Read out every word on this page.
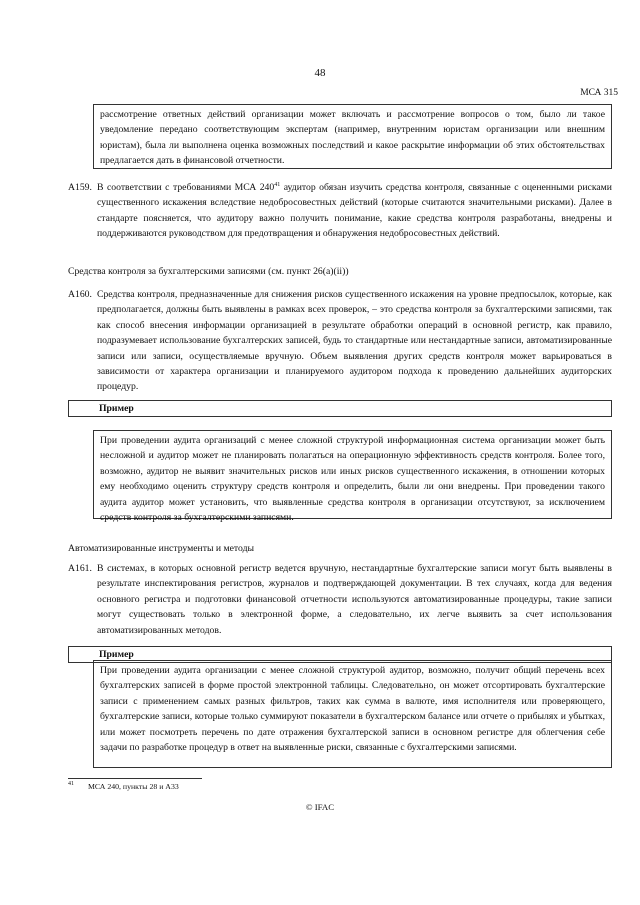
48
МСА 315
рассмотрение ответных действий организации может включать и рассмотрение вопросов о том, было ли такое уведомление передано соответствующим экспертам (например, внутренним юристам организации или внешним юристам), была ли выполнена оценка возможных последствий и какое раскрытие информации об этих обстоятельствах предлагается дать в финансовой отчетности.
A159. В соответствии с требованиями МСА $240^{41}$ аудитор обязан изучить средства контроля, связанные с оцененными рисками существенного искажения вследствие недобросовестных действий (которые считаются значительными рисками). Далее в стандарте поясняется, что аудитору важно получить понимание, какие средства контроля разработаны, внедрены и поддерживаются руководством для предотвращения и обнаружения недобросовестных действий.
Средства контроля за бухгалтерскими записями (см. пункт 26(a)(ii))
A160. Средства контроля, предназначенные для снижения рисков существенного искажения на уровне предпосылок, которые, как предполагается, должны быть выявлены в рамках всех проверок, – это средства контроля за бухгалтерскими записями, так как способ внесения информации организацией в результате обработки операций в основной регистр, как правило, подразумевает использование бухгалтерских записей, будь то стандартные или нестандартные записи, автоматизированные записи или записи, осуществляемые вручную. Объем выявления других средств контроля может варьироваться в зависимости от характера организации и планируемого аудитором подхода к проведению дальнейших аудиторских процедур.
Пример
При проведении аудита организаций с менее сложной структурой информационная система организации может быть несложной и аудитор может не планировать полагаться на операционную эффективность средств контроля. Более того, возможно, аудитор не выявит значительных рисков или иных рисков существенного искажения, в отношении которых ему необходимо оценить структуру средств контроля и определить, были ли они внедрены. При проведении такого аудита аудитор может установить, что выявленные средства контроля в организации отсутствуют, за исключением средств контроля за бухгалтерскими записями.
Автоматизированные инструменты и методы
A161. В системах, в которых основной регистр ведется вручную, нестандартные бухгалтерские записи могут быть выявлены в результате инспектирования регистров, журналов и подтверждающей документации. В тех случаях, когда для ведения основного регистра и подготовки финансовой отчетности используются автоматизированные процедуры, такие записи могут существовать только в электронной форме, а следовательно, их легче выявить за счет использования автоматизированных методов.
Пример
При проведении аудита организации с менее сложной структурой аудитор, возможно, получит общий перечень всех бухгалтерских записей в форме простой электронной таблицы. Следовательно, он может отсортировать бухгалтерские записи с применением самых разных фильтров, таких как сумма в валюте, имя исполнителя или проверяющего, бухгалтерские записи, которые только суммируют показатели в бухгалтерском балансе или отчете о прибылях и убытках, или может посмотреть перечень по дате отражения бухгалтерской записи в основном регистре для облегчения себе задачи по разработке процедур в ответ на выявленные риски, связанные с бухгалтерскими записями.
41 МСА 240, пункты 28 и A33
© IFAC
